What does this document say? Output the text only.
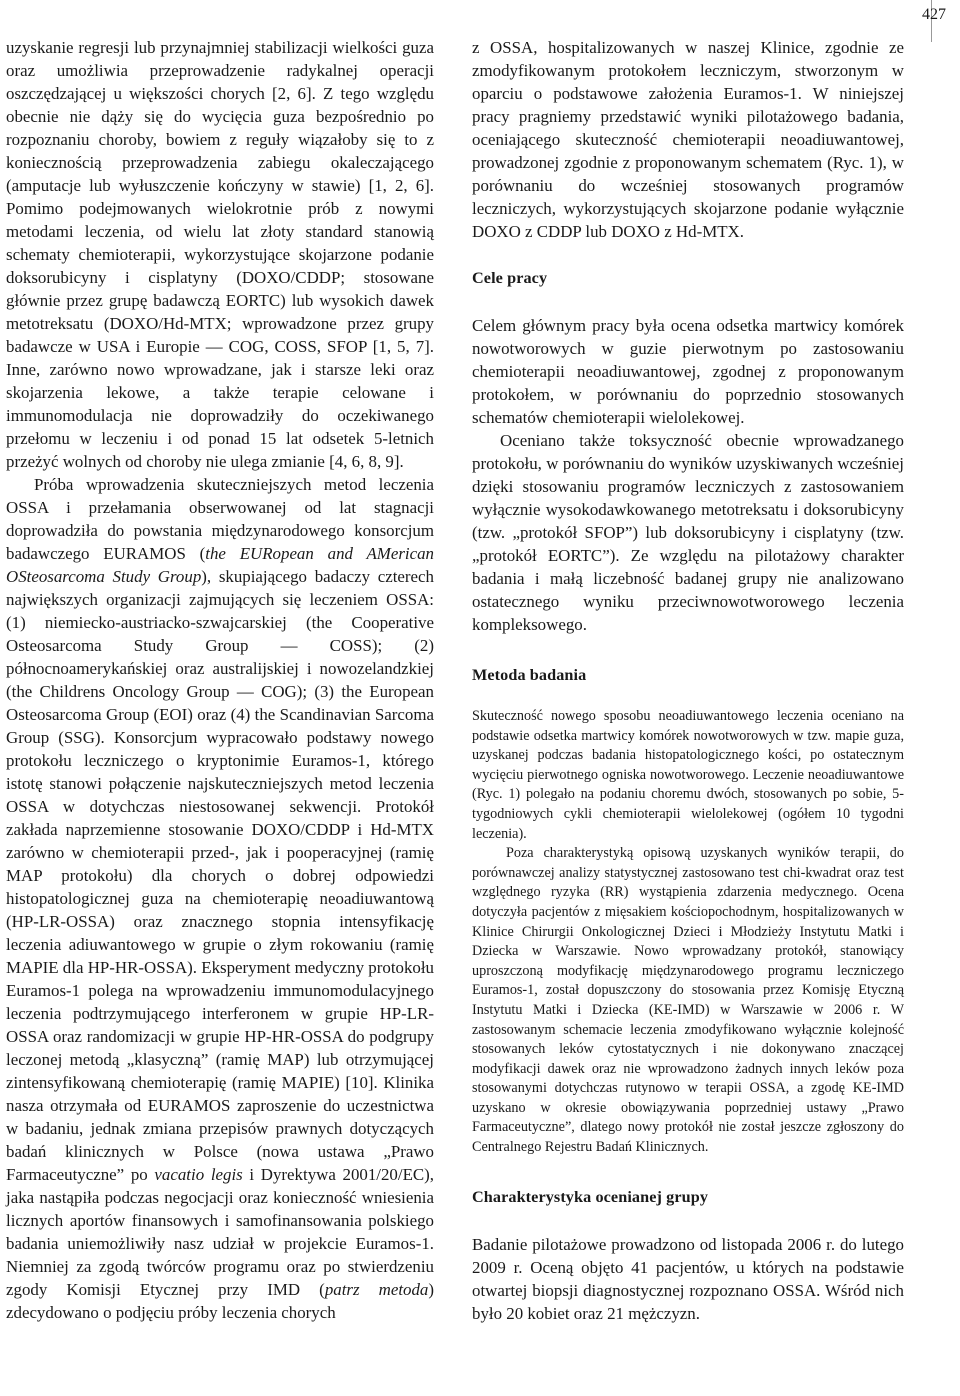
427

uzyskanie regresji lub przynajmniej stabilizacji wielkości guza oraz umożliwia przeprowadzenie radykalnej operacji oszczędzającej u większości chorych [2, 6]. Z tego względu obecnie nie dąży się do wycięcia guza bezpośrednio po rozpoznaniu choroby, bowiem z reguły wiązałoby się to z koniecznością przeprowadzenia zabiegu okaleczającego (amputacje lub wyłuszczenie kończyny w stawie) [1, 2, 6]. Pomimo podejmowanych wielokrotnie prób z nowymi metodami leczenia, od wielu lat złoty standard stanowią schematy chemioterapii, wykorzystujące skojarzone podanie doksorubicyny i cisplatyny (DOXO/CDDP; stosowane głównie przez grupę badawczą EORTC) lub wysokich dawek metotreksatu (DOXO/Hd-MTX; wprowadzone przez grupy badawcze w USA i Europie — COG, COSS, SFOP [1, 5, 7]. Inne, zarówno nowo wprowadzane, jak i starsze leki oraz skojarzenia lekowe, a także terapie celowane i immunomodulacja nie doprowadziły do oczekiwanego przełomu w leczeniu i od ponad 15 lat odsetek 5-letnich przeżyć wolnych od choroby nie ulega zmianie [4, 6, 8, 9].

Próba wprowadzenia skuteczniejszych metod leczenia OSSA i przełamania obserwowanej od lat stagnacji doprowadziła do powstania międzynarodowego konsorcjum badawczego EURAMOS (the EURopean and AMerican OSteosarcoma Study Group), skupiającego badaczy czterech największych organizacji zajmujących się leczeniem OSSA: (1) niemiecko-austriacko-szwajcarskiej (the Cooperative Osteosarcoma Study Group — COSS); (2) północnoamerykańskiej oraz australijskiej i nowozelandzkiej (the Childrens Oncology Group — COG); (3) the European Osteosarcoma Group (EOI) oraz (4) the Scandinavian Sarcoma Group (SSG). Konsorcjum wypracowało podstawy nowego protokołu leczniczego o kryptonimie Euramos-1, którego istotę stanowi połączenie najskuteczniejszych metod leczenia OSSA w dotychczas niestosowanej sekwencji. Protokół zakłada naprzemienne stosowanie DOXO/CDDP i Hd-MTX zarówno w chemioterapii przed-, jak i pooperacyjnej (ramię MAP protokołu) dla chorych o dobrej odpowiedzi histopatologicznej guza na chemioterapię neoadiuwantową (HP-LR-OSSA) oraz znacznego stopnia intensyfikację leczenia adiuwantowego w grupie o złym rokowaniu (ramię MAPIE dla HP-HR-OSSA). Eksperyment medyczny protokołu Euramos-1 polega na wprowadzeniu immunomodulacyjnego leczenia podtrzymującego interferonem w grupie HP-LR-OSSA oraz randomizacji w grupie HP-HR-OSSA do podgrupy leczonej metodą „klasyczną” (ramię MAP) lub otrzymującej zintensyfikowaną chemioterapię (ramię MAPIE) [10]. Klinika nasza otrzymała od EURAMOS zaproszenie do uczestnictwa w badaniu, jednak zmiana przepisów prawnych dotyczących badań klinicznych w Polsce (nowa ustawa „Prawo Farmaceutyczne” po vacatio legis i Dyrektywa 2001/20/EC), jaka nastąpiła podczas negocjacji oraz konieczność wniesienia licznych aportów finansowych i samofinansowania polskiego badania uniemożliwiły nasz udział w projekcie Euramos-1. Niemniej za zgodą twórców programu oraz po stwierdzeniu zgody Komisji Etycznej przy IMD (patrz metoda) zdecydowano o podjęciu próby leczenia chorych

z OSSA, hospitalizowanych w naszej Klinice, zgodnie ze zmodyfikowanym protokołem leczniczym, stworzonym w oparciu o podstawowe założenia Euramos-1. W niniejszej pracy pragniemy przedstawić wyniki pilotażowego badania, oceniającego skuteczność chemioterapii neoadiuwantowej, prowadzonej zgodnie z proponowanym schematem (Ryc. 1), w porównaniu do wcześniej stosowanych programów leczniczych, wykorzystujących skojarzone podanie wyłącznie DOXO z CDDP lub DOXO z Hd-MTX.

Cele pracy

Celem głównym pracy była ocena odsetka martwicy komórek nowotworowych w guzie pierwotnym po zastosowaniu chemioterapii neoadiuwantowej, zgodnej z proponowanym protokołem, w porównaniu do poprzednio stosowanych schematów chemioterapii wielolekowej.

Oceniano także toksyczność obecnie wprowadzanego protokołu, w porównaniu do wyników uzyskiwanych wcześniej dzięki stosowaniu programów leczniczych z zastosowaniem wyłącznie wysokodawkowanego metotreksatu i doksorubicyny (tzw. „protokół SFOP”) lub doksorubicyny i cisplatyny (tzw. „protokół EORTC”). Ze względu na pilotażowy charakter badania i małą liczebność badanej grupy nie analizowano ostatecznego wyniku przeciwnowotworowego leczenia kompleksowego.

Metoda badania

Skuteczność nowego sposobu neoadiuwantowego leczenia oceniano na podstawie odsetka martwicy komórek nowotworowych w tzw. mapie guza, uzyskanej podczas badania histopatologicznego kości, po ostatecznym wycięciu pierwotnego ogniska nowotworowego. Leczenie neoadiuwantowe (Ryc. 1) polegało na podaniu choremu dwóch, stosowanych po sobie, 5-tygodniowych cykli chemioterapii wielolekowej (ogółem 10 tygodni leczenia).

Poza charakterystyką opisową uzyskanych wyników terapii, do porównawczej analizy statystycznej zastosowano test chi-kwadrat oraz test względnego ryzyka (RR) wystąpienia zdarzenia medycznego. Ocena dotyczyła pacjentów z mięsakiem kościopochodnym, hospitalizowanych w Klinice Chirurgii Onkologicznej Dzieci i Młodzieży Instytutu Matki i Dziecka w Warszawie. Nowo wprowadzany protokół, stanowiący uproszczoną modyfikację międzynarodowego programu leczniczego Euramos-1, został dopuszczony do stosowania przez Komisję Etyczną Instytutu Matki i Dziecka (KE-IMD) w Warszawie w 2006 r. W zastosowanym schemacie leczenia zmodyfikowano wyłącznie kolejność stosowanych leków cytostatycznych i nie dokonywano znaczącej modyfikacji dawek oraz nie wprowadzono żadnych innych leków poza stosowanymi dotychczas rutynowo w terapii OSSA, a zgodę KE-IMD uzyskano w okresie obowiązywania poprzedniej ustawy „Prawo Farmaceutyczne”, dlatego nowy protokół nie został jeszcze zgłoszony do Centralnego Rejestru Badań Klinicznych.

Charakterystyka ocenianej grupy

Badanie pilotażowe prowadzono od listopada 2006 r. do lutego 2009 r. Oceną objęto 41 pacjentów, u których na podstawie otwartej biopsji diagnostycznej rozpoznano OSSA. Wśród nich było 20 kobiet oraz 21 mężczyzn.
